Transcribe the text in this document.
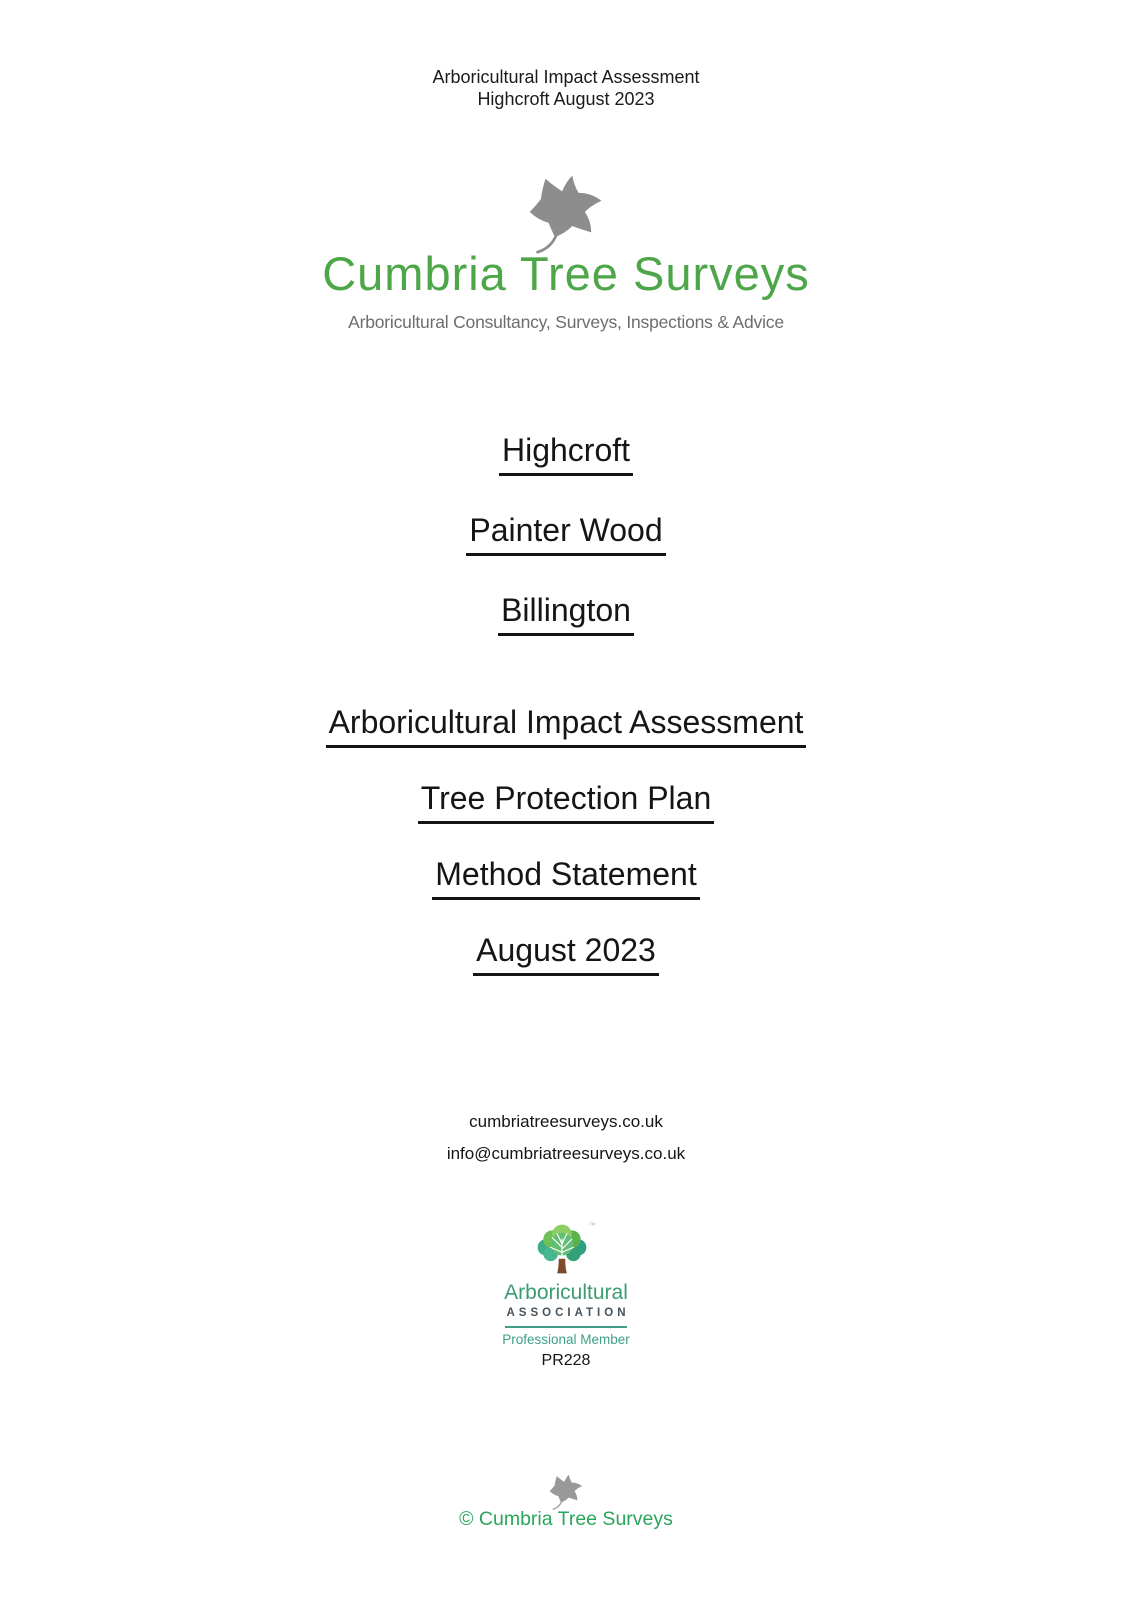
Arboricultural Impact Assessment
Highcroft August 2023
Cumbria Tree Surveys
Arboricultural Consultancy, Surveys, Inspections & Advice
Highcroft
Painter Wood
Billington
Arboricultural Impact Assessment
Tree Protection Plan
Method Statement
August 2023
cumbriatreesurveys.co.uk
info@cumbriatreesurveys.co.uk
™
Arboricultural
ASSOCIATION
Professional Member
PR228
© Cumbria Tree Surveys
